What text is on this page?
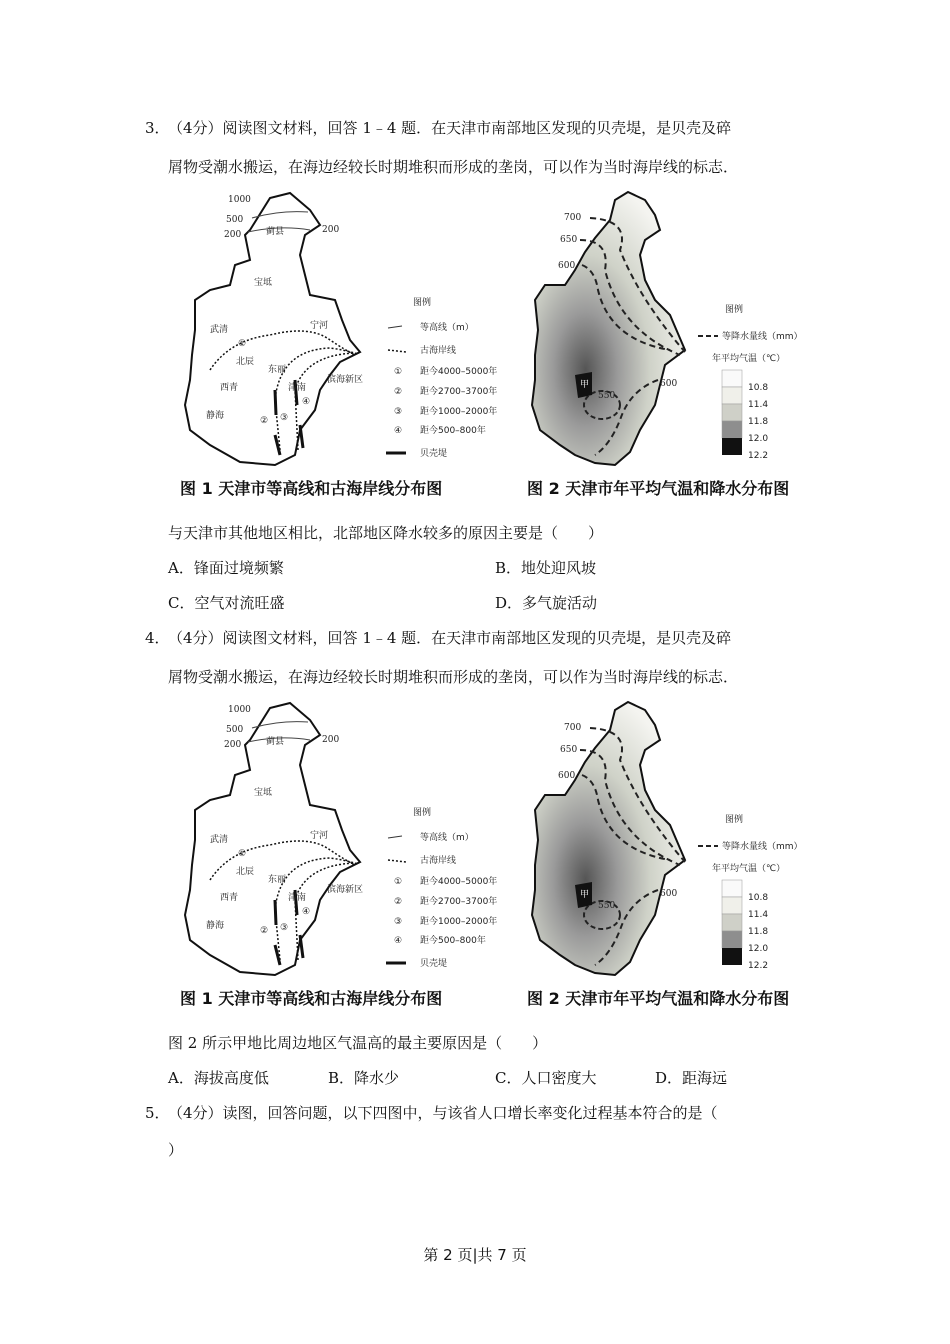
3．
（4分）阅读图文材料，回答 1﹣4 题．在天津市南部地区发现的贝壳堤，是贝壳及碎
屑物受潮水搬运，在海边经较长时期堆积而形成的垄岗，可以作为当时海岸线的标志．
1000
500
200	200
蓟县
宝坻
武清	宁河
北辰
东丽
津南
西青
静海
滨海新区
①
② ③
④
图例
等高线（m）
古海岸线
① 距今4000–5000年
② 距今2700–3700年
③ 距今1000–2000年
④ 距今500–800年
贝壳堤
图 1 天津市等高线和古海岸线分布图
甲
700
650
600
600
550
图例
等降水量线（mm）
年平均气温（℃）
10.8
11.4
11.8
12.0
12.2
图 2 天津市年平均气温和降水分布图
与天津市其他地区相比，北部地区降水较多的原因主要是（　　）
A．锋面过境频繁	B．地处迎风坡
C．空气对流旺盛	D．多气旋活动
4．
（4分）阅读图文材料，回答 1﹣4 题．在天津市南部地区发现的贝壳堤，是贝壳及碎
屑物受潮水搬运，在海边经较长时期堆积而形成的垄岗，可以作为当时海岸线的标志．
1000
500
200	200
蓟县
宝坻
武清	宁河
北辰
东丽
津南
西青
静海
滨海新区
①
② ③
④
图例
等高线（m）
古海岸线
① 距今4000–5000年
② 距今2700–3700年
③ 距今1000–2000年
④ 距今500–800年
贝壳堤
图 1 天津市等高线和古海岸线分布图
甲
700
650
600
600
550
图例
等降水量线（mm）
年平均气温（℃）
10.8
11.4
11.8
12.0
12.2
图 2 天津市年平均气温和降水分布图
图 2 所示甲地比周边地区气温高的最主要原因是（　　）
A．海拔高度低	B．降水少	C．人口密度大	D．距海远
5．
（4分）读图，回答问题，以下四图中，与该省人口增长率变化过程基本符合的是（
）
第 2 页|共 7 页
